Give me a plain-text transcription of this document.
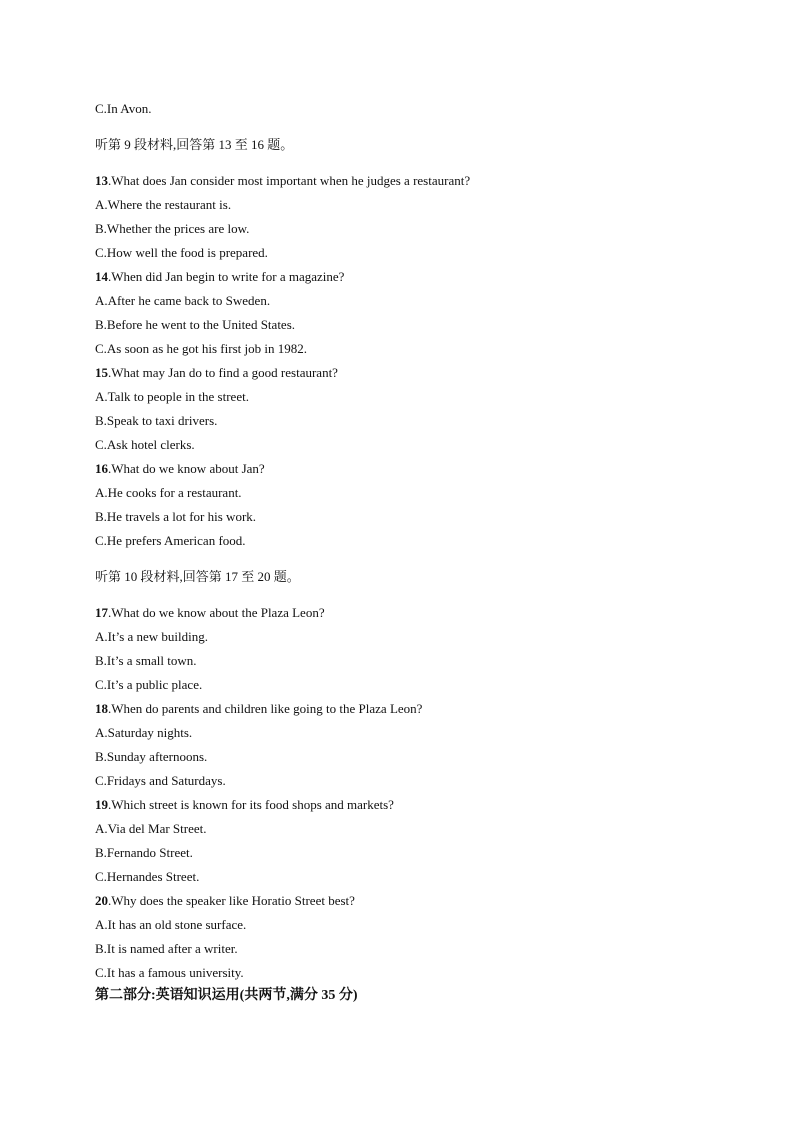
C.In Avon.
听第 9 段材料,回答第 13 至 16 题。
13.What does Jan consider most important when he judges a restaurant?
A.Where the restaurant is.
B.Whether the prices are low.
C.How well the food is prepared.
14.When did Jan begin to write for a magazine?
A.After he came back to Sweden.
B.Before he went to the United States.
C.As soon as he got his first job in 1982.
15.What may Jan do to find a good restaurant?
A.Talk to people in the street.
B.Speak to taxi drivers.
C.Ask hotel clerks.
16.What do we know about Jan?
A.He cooks for a restaurant.
B.He travels a lot for his work.
C.He prefers American food.
听第 10 段材料,回答第 17 至 20 题。
17.What do we know about the Plaza Leon?
A.It’s a new building.
B.It’s a small town.
C.It’s a public place.
18.When do parents and children like going to the Plaza Leon?
A.Saturday nights.
B.Sunday afternoons.
C.Fridays and Saturdays.
19.Which street is known for its food shops and markets?
A.Via del Mar Street.
B.Fernando Street.
C.Hernandes Street.
20.Why does the speaker like Horatio Street best?
A.It has an old stone surface.
B.It is named after a writer.
C.It has a famous university.
第二部分:英语知识运用(共两节,满分 35 分)
